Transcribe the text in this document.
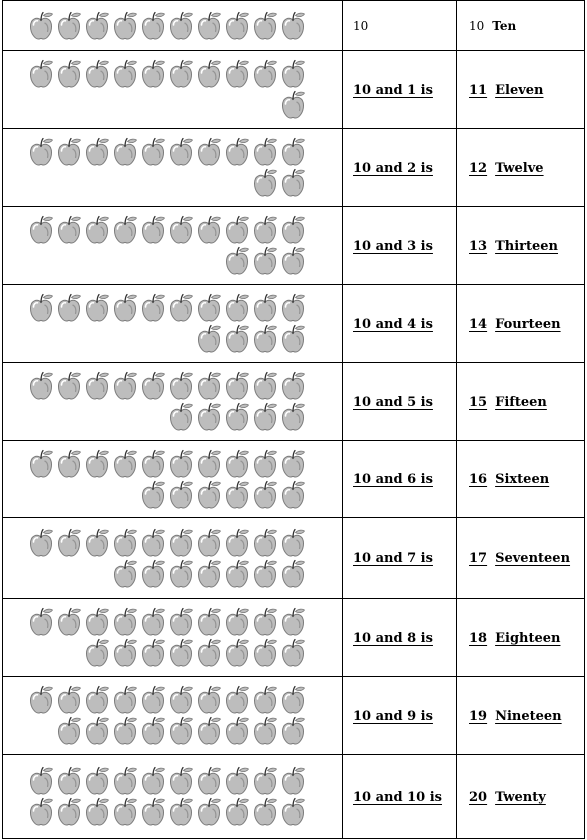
	10	10 Ten

	10 and 1 is	11 Eleven

	10 and 2 is	12 Twelve

	10 and 3 is	13 Thirteen

	10 and 4 is	14 Fourteen

	10 and 5 is	15 Fifteen

	10 and 6 is	16 Sixteen

	10 and 7 is	17 Seventeen

	10 and 8 is	18 Eighteen

	10 and 9 is	19 Nineteen

	10 and 10 is	20 Twenty
